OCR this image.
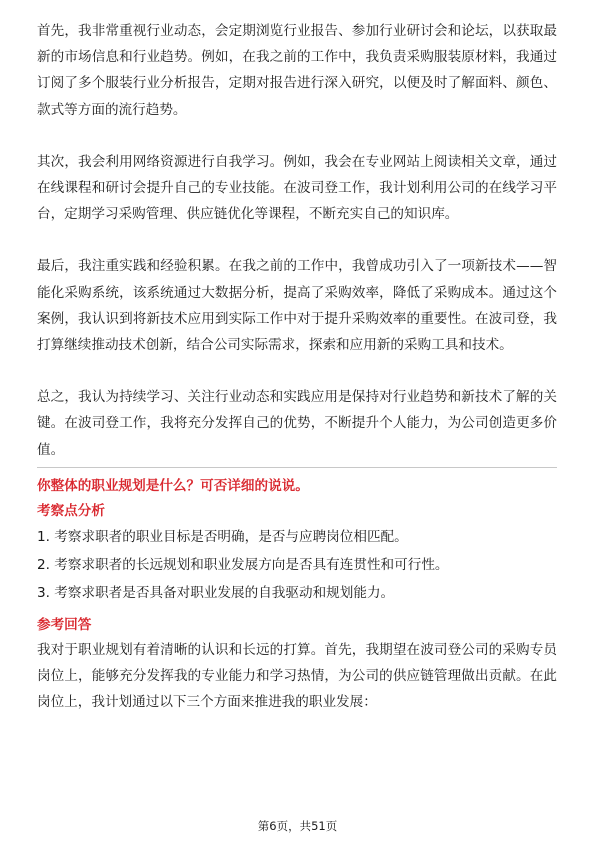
首先，我非常重视行业动态，会定期浏览行业报告、参加行业研讨会和论坛，以获取最新的市场信息和行业趋势。例如，在我之前的工作中，我负责采购服装原材料，我通过订阅了多个服装行业分析报告，定期对报告进行深入研究，以便及时了解面料、颜色、款式等方面的流行趋势。

其次，我会利用网络资源进行自我学习。例如，我会在专业网站上阅读相关文章，通过在线课程和研讨会提升自己的专业技能。在波司登工作，我计划利用公司的在线学习平台，定期学习采购管理、供应链优化等课程，不断充实自己的知识库。

最后，我注重实践和经验积累。在我之前的工作中，我曾成功引入了一项新技术——智能化采购系统，该系统通过大数据分析，提高了采购效率，降低了采购成本。通过这个案例，我认识到将新技术应用到实际工作中对于提升采购效率的重要性。在波司登，我打算继续推动技术创新，结合公司实际需求，探索和应用新的采购工具和技术。

总之，我认为持续学习、关注行业动态和实践应用是保持对行业趋势和新技术了解的关键。在波司登工作，我将充分发挥自己的优势，不断提升个人能力，为公司创造更多价值。

你整体的职业规划是什么？可否详细的说说。

考察点分析

1. 考察求职者的职业目标是否明确，是否与应聘岗位相匹配。

2. 考察求职者的长远规划和职业发展方向是否具有连贯性和可行性。

3. 考察求职者是否具备对职业发展的自我驱动和规划能力。

参考回答

我对于职业规划有着清晰的认识和长远的打算。首先，我期望在波司登公司的采购专员岗位上，能够充分发挥我的专业能力和学习热情，为公司的供应链管理做出贡献。在此岗位上，我计划通过以下三个方面来推进我的职业发展：

第6页，共51页
